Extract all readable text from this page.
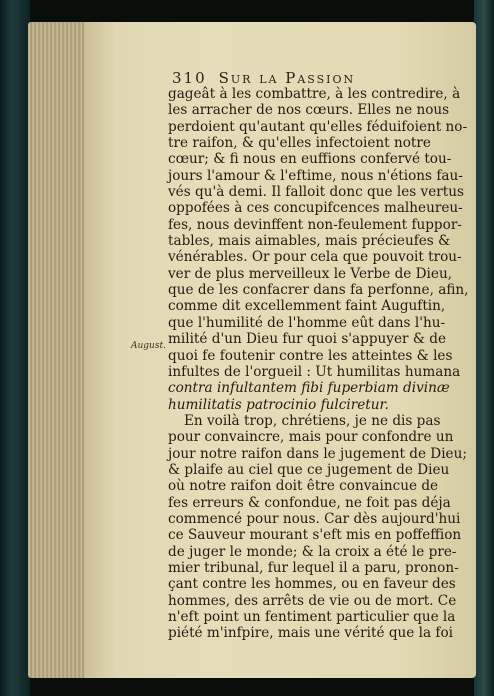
310 Sur la Passion
August.
gageât à les combattre, à les contredire, à
les arracher de nos cœurs. Elles ne nous
perdoient qu'autant qu'elles féduifoient no-
tre raifon, & qu'elles infectoient notre
cœur; & fi nous en euffions confervé tou-
jours l'amour & l'eftime, nous n'étions fau-
vés qu'à demi. Il falloit donc que les vertus
oppofées à ces concupifcences malheureu-
fes, nous devinffent non-feulement fuppor-
tables, mais aimables, mais précieufes &
vénérables. Or pour cela que pouvoit trou-
ver de plus merveilleux le Verbe de Dieu,
que de les confacrer dans fa perfonne, afin,
comme dit excellemment faint Auguftin,
que l'humilité de l'homme eût dans l'hu-
milité d'un Dieu fur quoi s'appuyer & de
quoi fe foutenir contre les atteintes & les
infultes de l'orgueil : Ut humilitas humana
contra infultantem fibi fuperbiam divinæ
humilitatis patrocinio fulciretur.
En voilà trop, chrétiens, je ne dis pas
pour convaincre, mais pour confondre un
jour notre raifon dans le jugement de Dieu;
& plaife au ciel que ce jugement de Dieu
où notre raifon doit être convaincue de
fes erreurs & confondue, ne foit pas déja
commencé pour nous. Car dès aujourd'hui
ce Sauveur mourant s'eft mis en poffeffion
de juger le monde; & la croix a été le pre-
mier tribunal, fur lequel il a paru, pronon-
çant contre les hommes, ou en faveur des
hommes, des arrêts de vie ou de mort. Ce
n'eft point un fentiment particulier que la
piété m'infpire, mais une vérité que la foi
